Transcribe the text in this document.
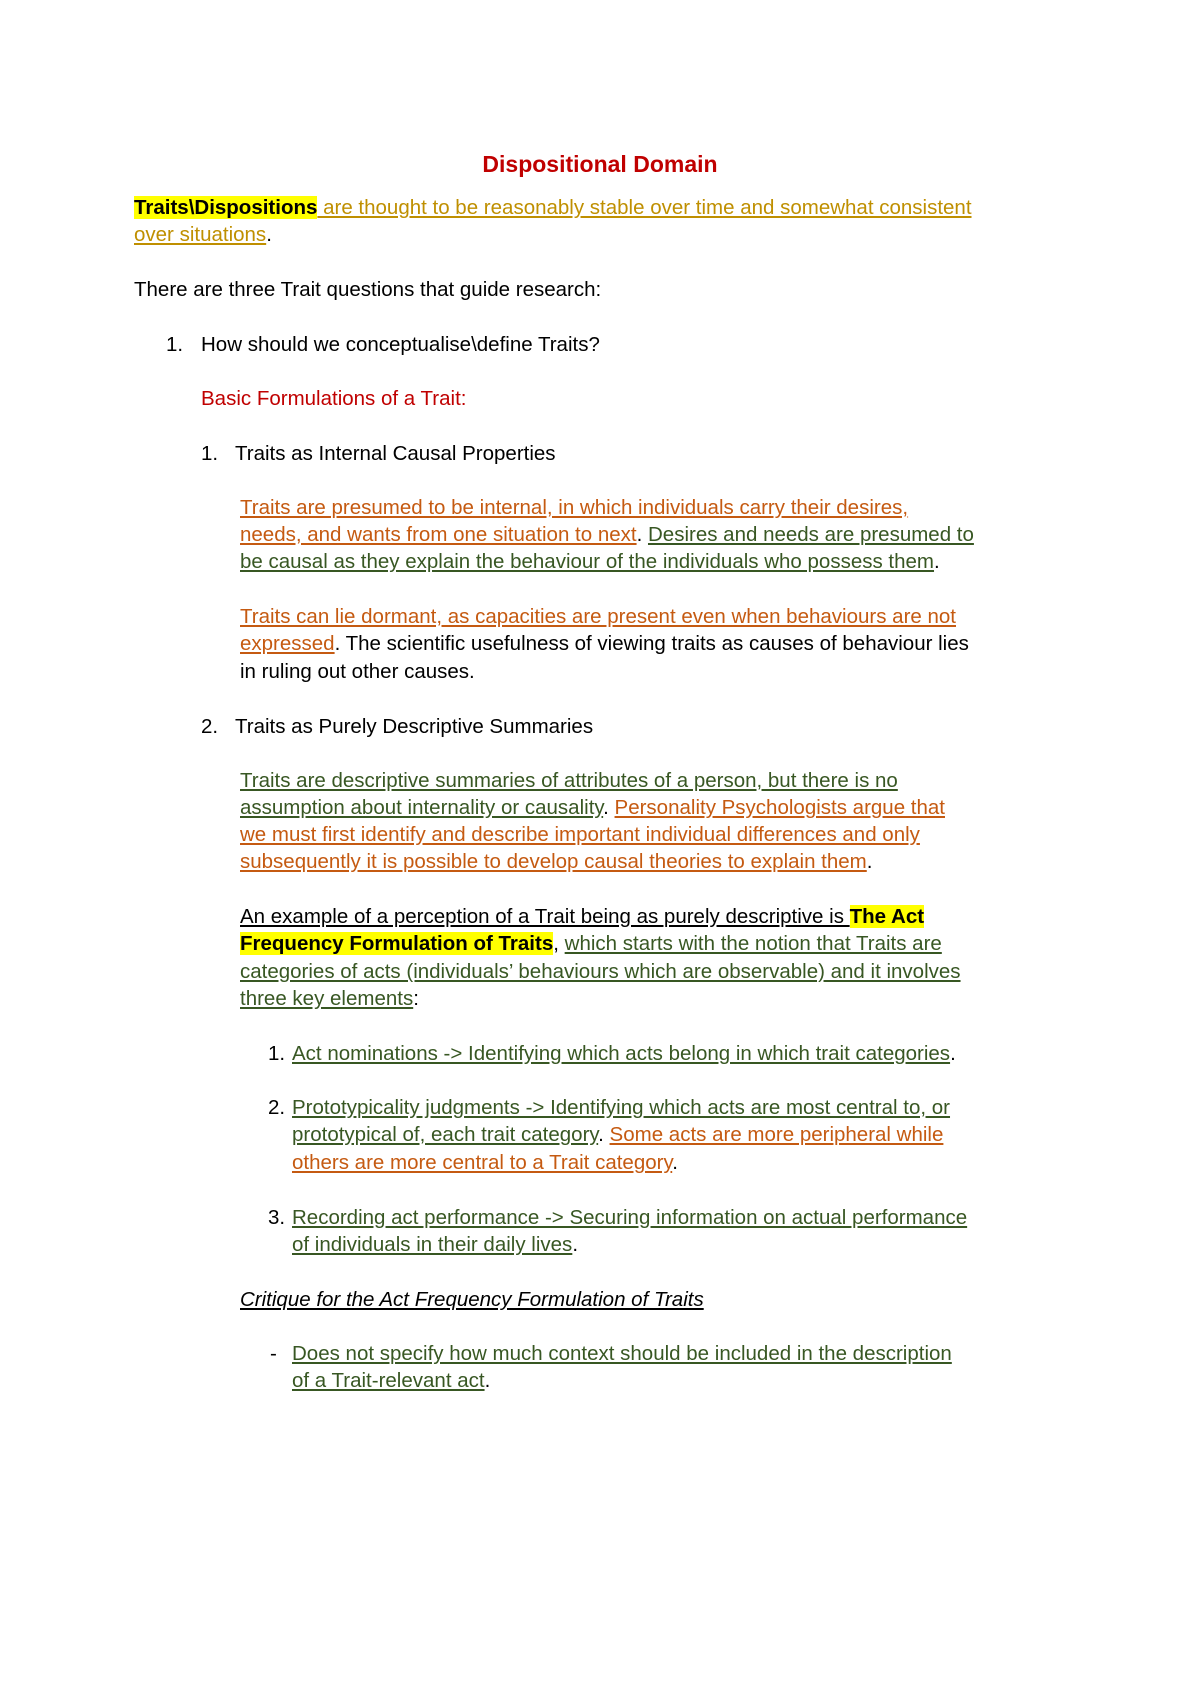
Dispositional Domain
Traits\Dispositions are thought to be reasonably stable over time and somewhat consistent
over situations.
There are three Trait questions that guide research:
1. How should we conceptualise\define Traits?
Basic Formulations of a Trait:
1. Traits as Internal Causal Properties
Traits are presumed to be internal, in which individuals carry their desires,
needs, and wants from one situation to next. Desires and needs are presumed to
be causal as they explain the behaviour of the individuals who possess them.
Traits can lie dormant, as capacities are present even when behaviours are not
expressed. The scientific usefulness of viewing traits as causes of behaviour lies
in ruling out other causes.
2. Traits as Purely Descriptive Summaries
Traits are descriptive summaries of attributes of a person, but there is no
assumption about internality or causality. Personality Psychologists argue that
we must first identify and describe important individual differences and only
subsequently it is possible to develop causal theories to explain them.
An example of a perception of a Trait being as purely descriptive is The Act
Frequency Formulation of Traits, which starts with the notion that Traits are
categories of acts (individuals’ behaviours which are observable) and it involves
three key elements:
1. Act nominations -> Identifying which acts belong in which trait categories.
2. Prototypicality judgments -> Identifying which acts are most central to, or
prototypical of, each trait category. Some acts are more peripheral while
others are more central to a Trait category.
3. Recording act performance -> Securing information on actual performance
of individuals in their daily lives.
Critique for the Act Frequency Formulation of Traits
- Does not specify how much context should be included in the description
of a Trait-relevant act.
